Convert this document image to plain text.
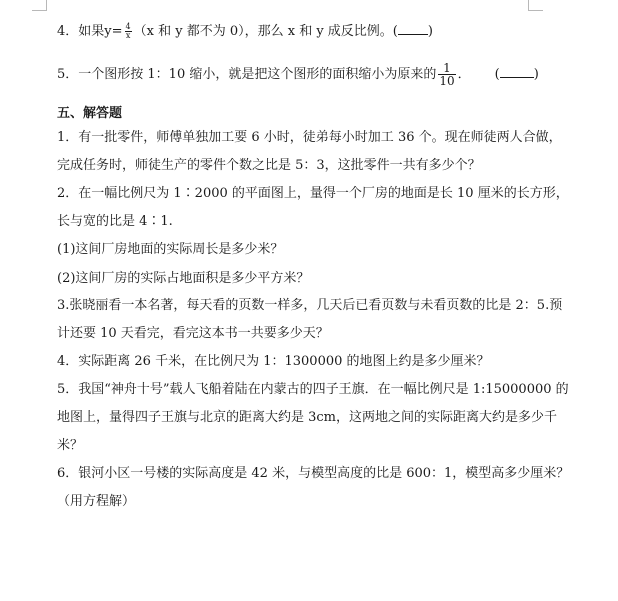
4．如果$y= \frac{4}{x} (x$ 和 y 都不为 0），那么 x 和 y 成反比例。( )
5．一个图形按 1：10 缩小，就是把这个图形的面积缩小为原来的 $\frac{1}{10}$ ． (	)
五、解答题
1．有一批零件，师傅单独加工要 6 小时，徒弟每小时加工 36 个。现在师徒两人合做，
完成任务时，师徒生产的零件个数之比是 5：3，这批零件一共有多少个？
2．在一幅比例尺为 1∶2000 的平面图上，量得一个厂房的地面是长 10 厘米的长方形，
长与宽的比是 4∶1.
(1)这间厂房地面的实际周长是多少米？
(2)这间厂房的实际占地面积是多少平方米？
3.张晓丽看一本名著，每天看的页数一样多，几天后已看页数与未看页数的比是 2：5.预
计还要 10 天看完，看完这本书一共要多少天？
4．实际距离 26 千米，在比例尺为 1：1300000 的地图上约是多少厘米？
5．我国“神舟十号”载人飞船着陆在内蒙古的四子王旗．在一幅比例尺是 1:15000000 的
地图上，量得四子王旗与北京的距离大约是 3cm，这两地之间的实际距离大约是多少千
米？
6．银河小区一号楼的实际高度是 42 米，与模型高度的比是 600：1，模型高多少厘米？
（用方程解）
